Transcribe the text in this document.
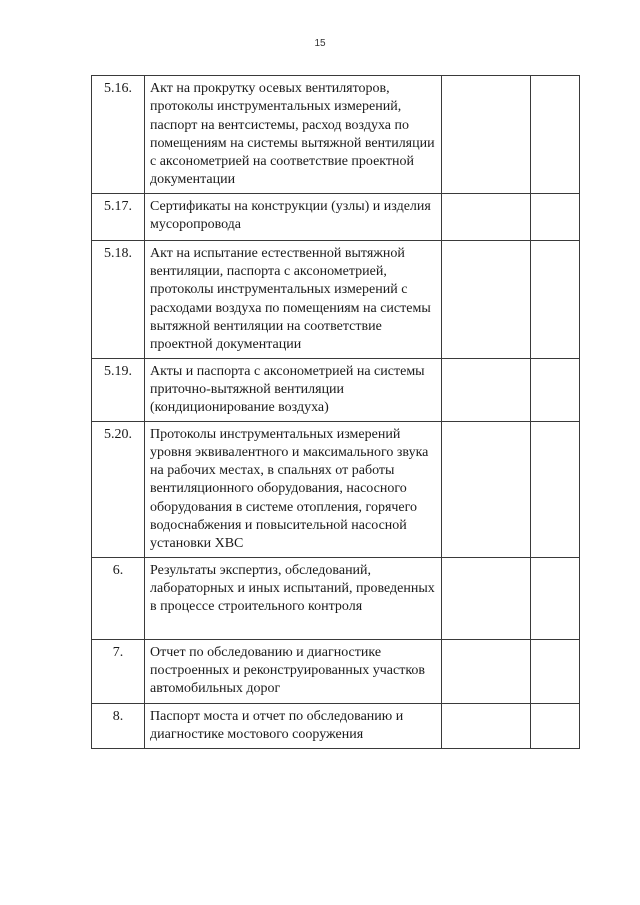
15
5.16.	Акт на прокрутку осевых вентиляторов, протоколы инструментальных измерений, паспорт на вентсистемы, расход воздуха по помещениям на системы вытяжной вентиляции с аксонометрией на соответствие проектной документации		
5.17.	Сертификаты на конструкции (узлы) и изделия мусоропровода		
5.18.	Акт на испытание естественной вытяжной вентиляции, паспорта с аксонометрией, протоколы инструментальных измерений с расходами воздуха по помещениям на системы вытяжной вентиляции на соответствие проектной документации		
5.19.	Акты и паспорта с аксонометрией на системы приточно-вытяжной вентиляции (кондиционирование воздуха)		
5.20.	Протоколы инструментальных измерений уровня эквивалентного и максимального звука на рабочих местах, в спальнях от работы вентиляционного оборудования, насосного оборудования в системе отопления, горячего водоснабжения и повысительной насосной установки ХВС		
6.	Результаты экспертиз, обследований, лабораторных и иных испытаний, проведенных в процессе строительного контроля		
7.	Отчет по обследованию и диагностике построенных и реконструированных участков автомобильных дорог		
8.	Паспорт моста и отчет по обследованию и диагностике мостового сооружения		
